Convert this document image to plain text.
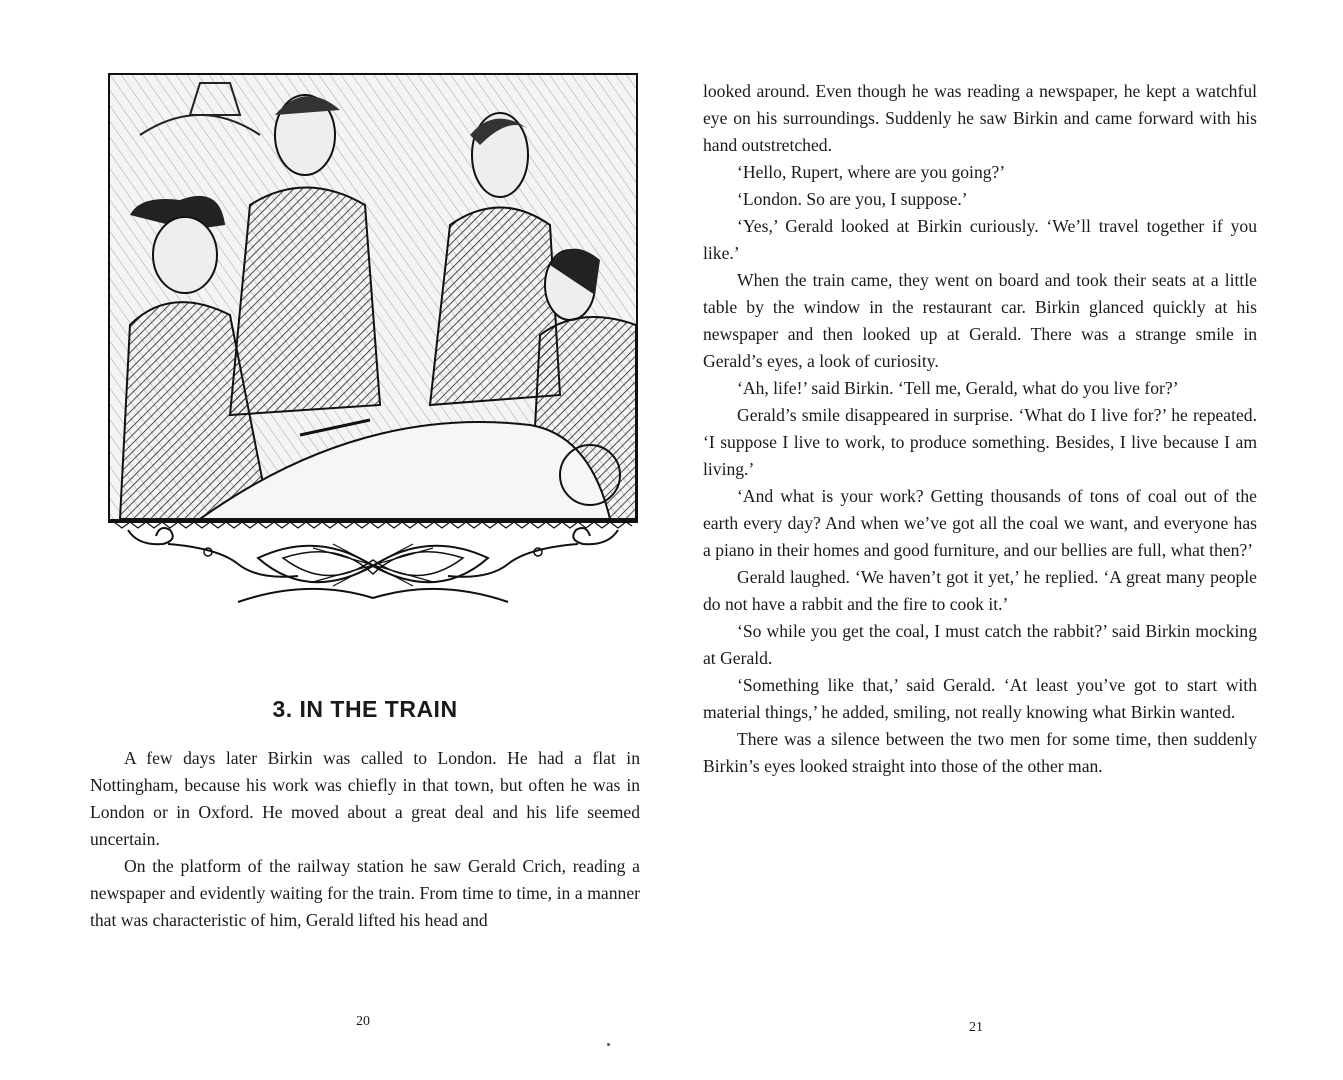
3. IN THE TRAIN

A few days later Birkin was called to London. He had a flat in Nottingham, because his work was chiefly in that town, but often he was in London or in Oxford. He moved about a great deal and his life seemed uncertain.

On the platform of the railway station he saw Gerald Crich, reading a newspaper and evidently waiting for the train. From time to time, in a manner that was characteristic of him, Gerald lifted his head and

20

looked around. Even though he was reading a newspaper, he kept a watchful eye on his surroundings. Suddenly he saw Birkin and came forward with his hand outstretched.

‘Hello, Rupert, where are you going?’

‘London. So are you, I suppose.’

‘Yes,’ Gerald looked at Birkin curiously. ‘We’ll travel together if you like.’

When the train came, they went on board and took their seats at a little table by the window in the restaurant car. Birkin glanced quickly at his newspaper and then looked up at Gerald. There was a strange smile in Gerald’s eyes, a look of curiosity.

‘Ah, life!’ said Birkin. ‘Tell me, Gerald, what do you live for?’

Gerald’s smile disappeared in surprise. ‘What do I live for?’ he repeated. ‘I suppose I live to work, to produce something. Besides, I live because I am living.’

‘And what is your work? Getting thousands of tons of coal out of the earth every day? And when we’ve got all the coal we want, and everyone has a piano in their homes and good furniture, and our bellies are full, what then?’

Gerald laughed. ‘We haven’t got it yet,’ he replied. ‘A great many people do not have a rabbit and the fire to cook it.’

‘So while you get the coal, I must catch the rabbit?’ said Birkin mocking at Gerald.

‘Something like that,’ said Gerald. ‘At least you’ve got to start with material things,’ he added, smiling, not really knowing what Birkin wanted.

There was a silence between the two men for some time, then suddenly Birkin’s eyes looked straight into those of the other man.

21
